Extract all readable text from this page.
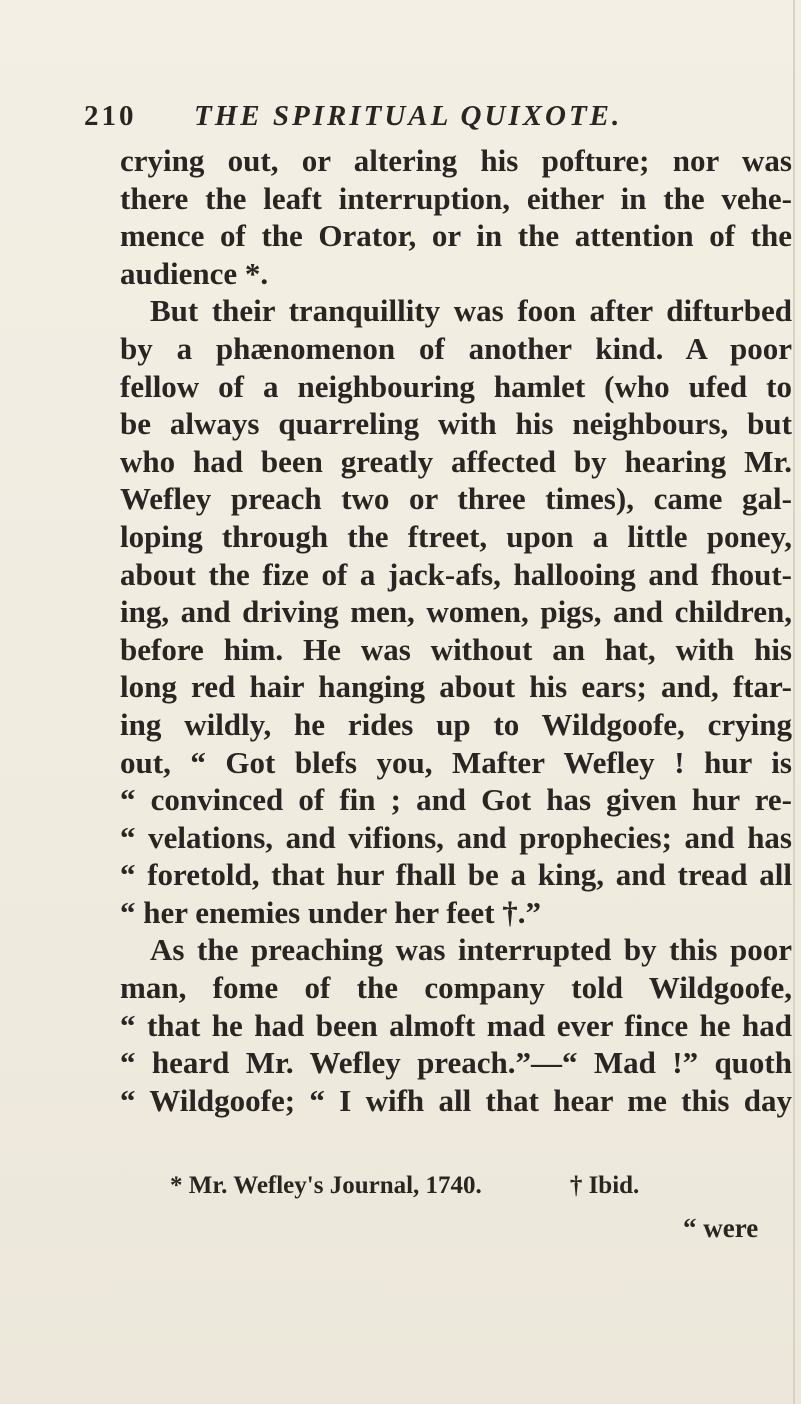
210 THE SPIRITUAL QUIXOTE.
crying out, or altering his pofture; nor was
there the leaft interruption, either in the vehe-
mence of the Orator, or in the attention of the
audience *.
But their tranquillity was foon after difturbed
by a phænomenon of another kind. A poor
fellow of a neighbouring hamlet (who ufed to
be always quarreling with his neighbours, but
who had been greatly affected by hearing Mr.
Wefley preach two or three times), came gal-
loping through the ftreet, upon a little poney,
about the fize of a jack-afs, hallooing and fhout-
ing, and driving men, women, pigs, and children,
before him. He was without an hat, with his
long red hair hanging about his ears; and, ftar-
ing wildly, he rides up to Wildgoofe, crying
out, “ Got blefs you, Mafter Wefley ! hur is
“ convinced of fin ; and Got has given hur re-
“ velations, and vifions, and prophecies; and has
“ foretold, that hur fhall be a king, and tread all
“ her enemies under her feet †.”
As the preaching was interrupted by this poor
man, fome of the company told Wildgoofe,
“ that he had been almoft mad ever fince he had
“ heard Mr. Wefley preach.”—“ Mad !” quoth
“ Wildgoofe; “ I wifh all that hear me this day
* Mr. Wefley's Journal, 1740.	† Ibid.
“ were
